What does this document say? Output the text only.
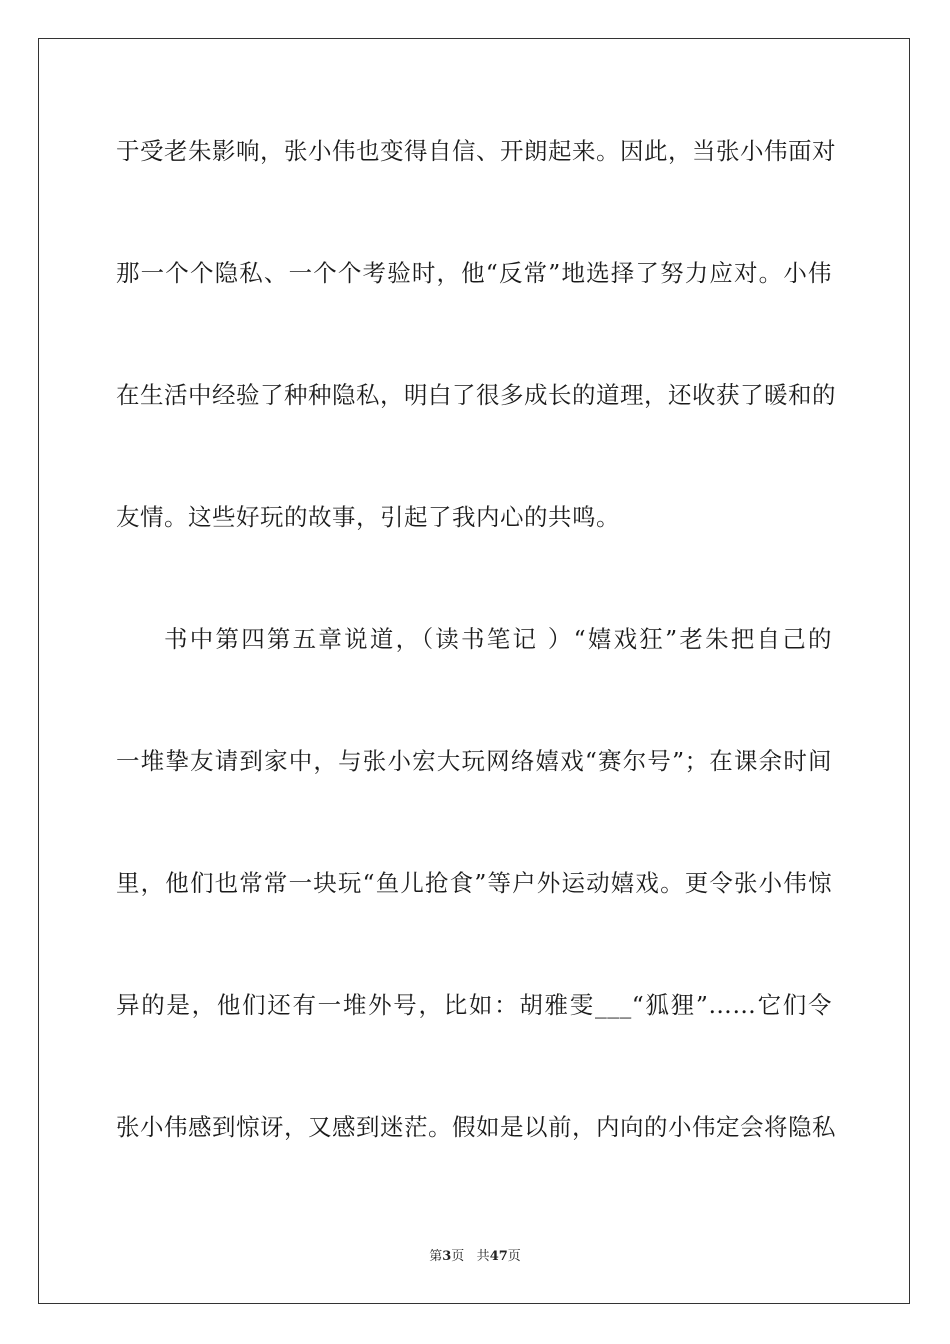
于受老朱影响，张小伟也变得自信、开朗起来。因此，当张小伟面对
那一个个隐私、一个个考验时，他“反常”地选择了努力应对。小伟
在生活中经验了种种隐私，明白了很多成长的道理，还收获了暖和的
友情。这些好玩的故事，引起了我内心的共鸣。
书中第四第五章说道，（读书笔记 ）“嬉戏狂”老朱把自己的
一堆挚友请到家中，与张小宏大玩网络嬉戏“赛尔号”；在课余时间
里，他们也常常一块玩“鱼儿抢食”等户外运动嬉戏。更令张小伟惊
异的是，他们还有一堆外号，比如：胡雅雯___“狐狸”……它们令
张小伟感到惊讶，又感到迷茫。假如是以前，内向的小伟定会将隐私
第3页 共47页
